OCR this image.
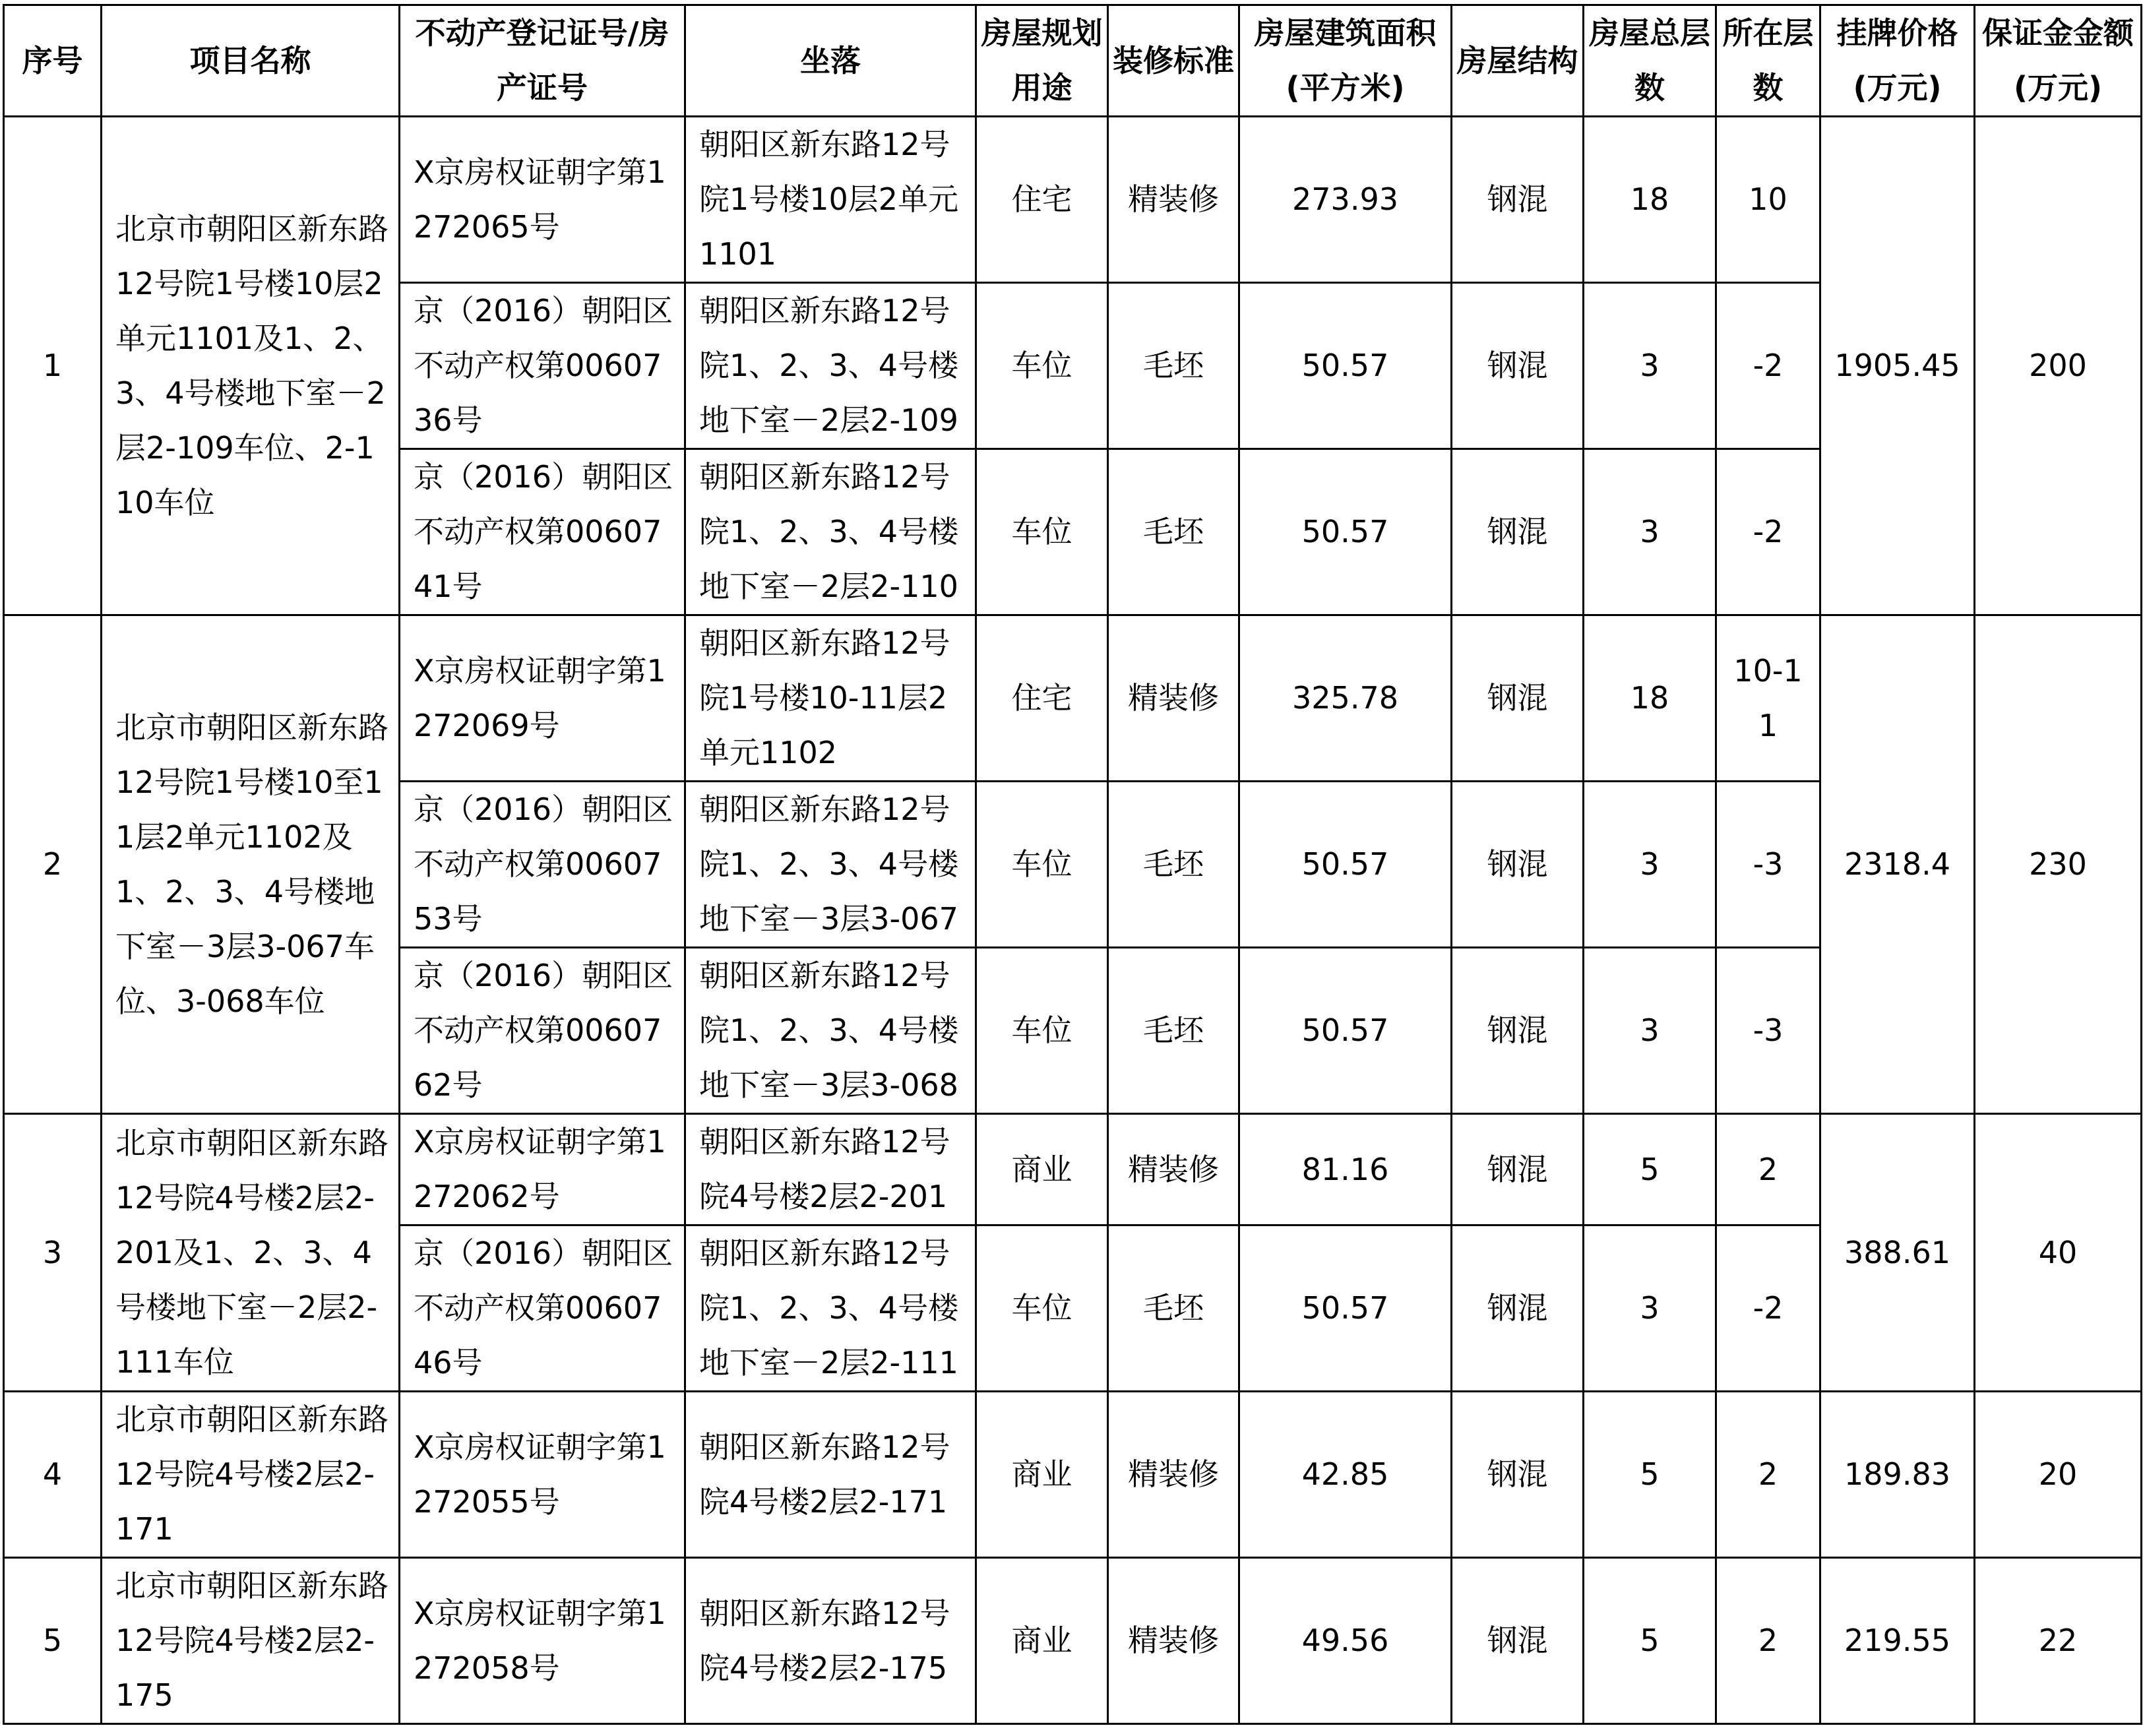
序号	项目名称	不动产登记证号/房产证号	坐落	房屋规划用途	装修标准	房屋建筑面积(平方米)	房屋结构	房屋总层数	所在层数	挂牌价格(万元)	保证金金额(万元)
1	北京市朝阳区新东路12号院1号楼10层2单元1101及1、2、3、4号楼地下室－2层2-109车位、2-110车位	X京房权证朝字第1272065号	朝阳区新东路12号院1号楼10层2单元1101	住宅	精装修	273.93	钢混	18	10	1905.45	200
		京（2016）朝阳区不动产权第0060736号	朝阳区新东路12号院1、2、3、4号楼地下室－2层2-109	车位	毛坯	50.57	钢混	3	-2		
		京（2016）朝阳区不动产权第0060741号	朝阳区新东路12号院1、2、3、4号楼地下室－2层2-110	车位	毛坯	50.57	钢混	3	-2		
2	北京市朝阳区新东路12号院1号楼10至11层2单元1102及1、2、3、4号楼地下室－3层3-067车位、3-068车位	X京房权证朝字第1272069号	朝阳区新东路12号院1号楼10-11层2单元1102	住宅	精装修	325.78	钢混	18	10-11	2318.4	230
		京（2016）朝阳区不动产权第0060753号	朝阳区新东路12号院1、2、3、4号楼地下室－3层3-067	车位	毛坯	50.57	钢混	3	-3		
		京（2016）朝阳区不动产权第0060762号	朝阳区新东路12号院1、2、3、4号楼地下室－3层3-068	车位	毛坯	50.57	钢混	3	-3		
3	北京市朝阳区新东路12号院4号楼2层2-201及1、2、3、4号楼地下室－2层2-111车位	X京房权证朝字第1272062号	朝阳区新东路12号院4号楼2层2-201	商业	精装修	81.16	钢混	5	2	388.61	40
		京（2016）朝阳区不动产权第0060746号	朝阳区新东路12号院1、2、3、4号楼地下室－2层2-111	车位	毛坯	50.57	钢混	3	-2		
4	北京市朝阳区新东路12号院4号楼2层2-171	X京房权证朝字第1272055号	朝阳区新东路12号院4号楼2层2-171	商业	精装修	42.85	钢混	5	2	189.83	20
5	北京市朝阳区新东路12号院4号楼2层2-175	X京房权证朝字第1272058号	朝阳区新东路12号院4号楼2层2-175	商业	精装修	49.56	钢混	5	2	219.55	22
